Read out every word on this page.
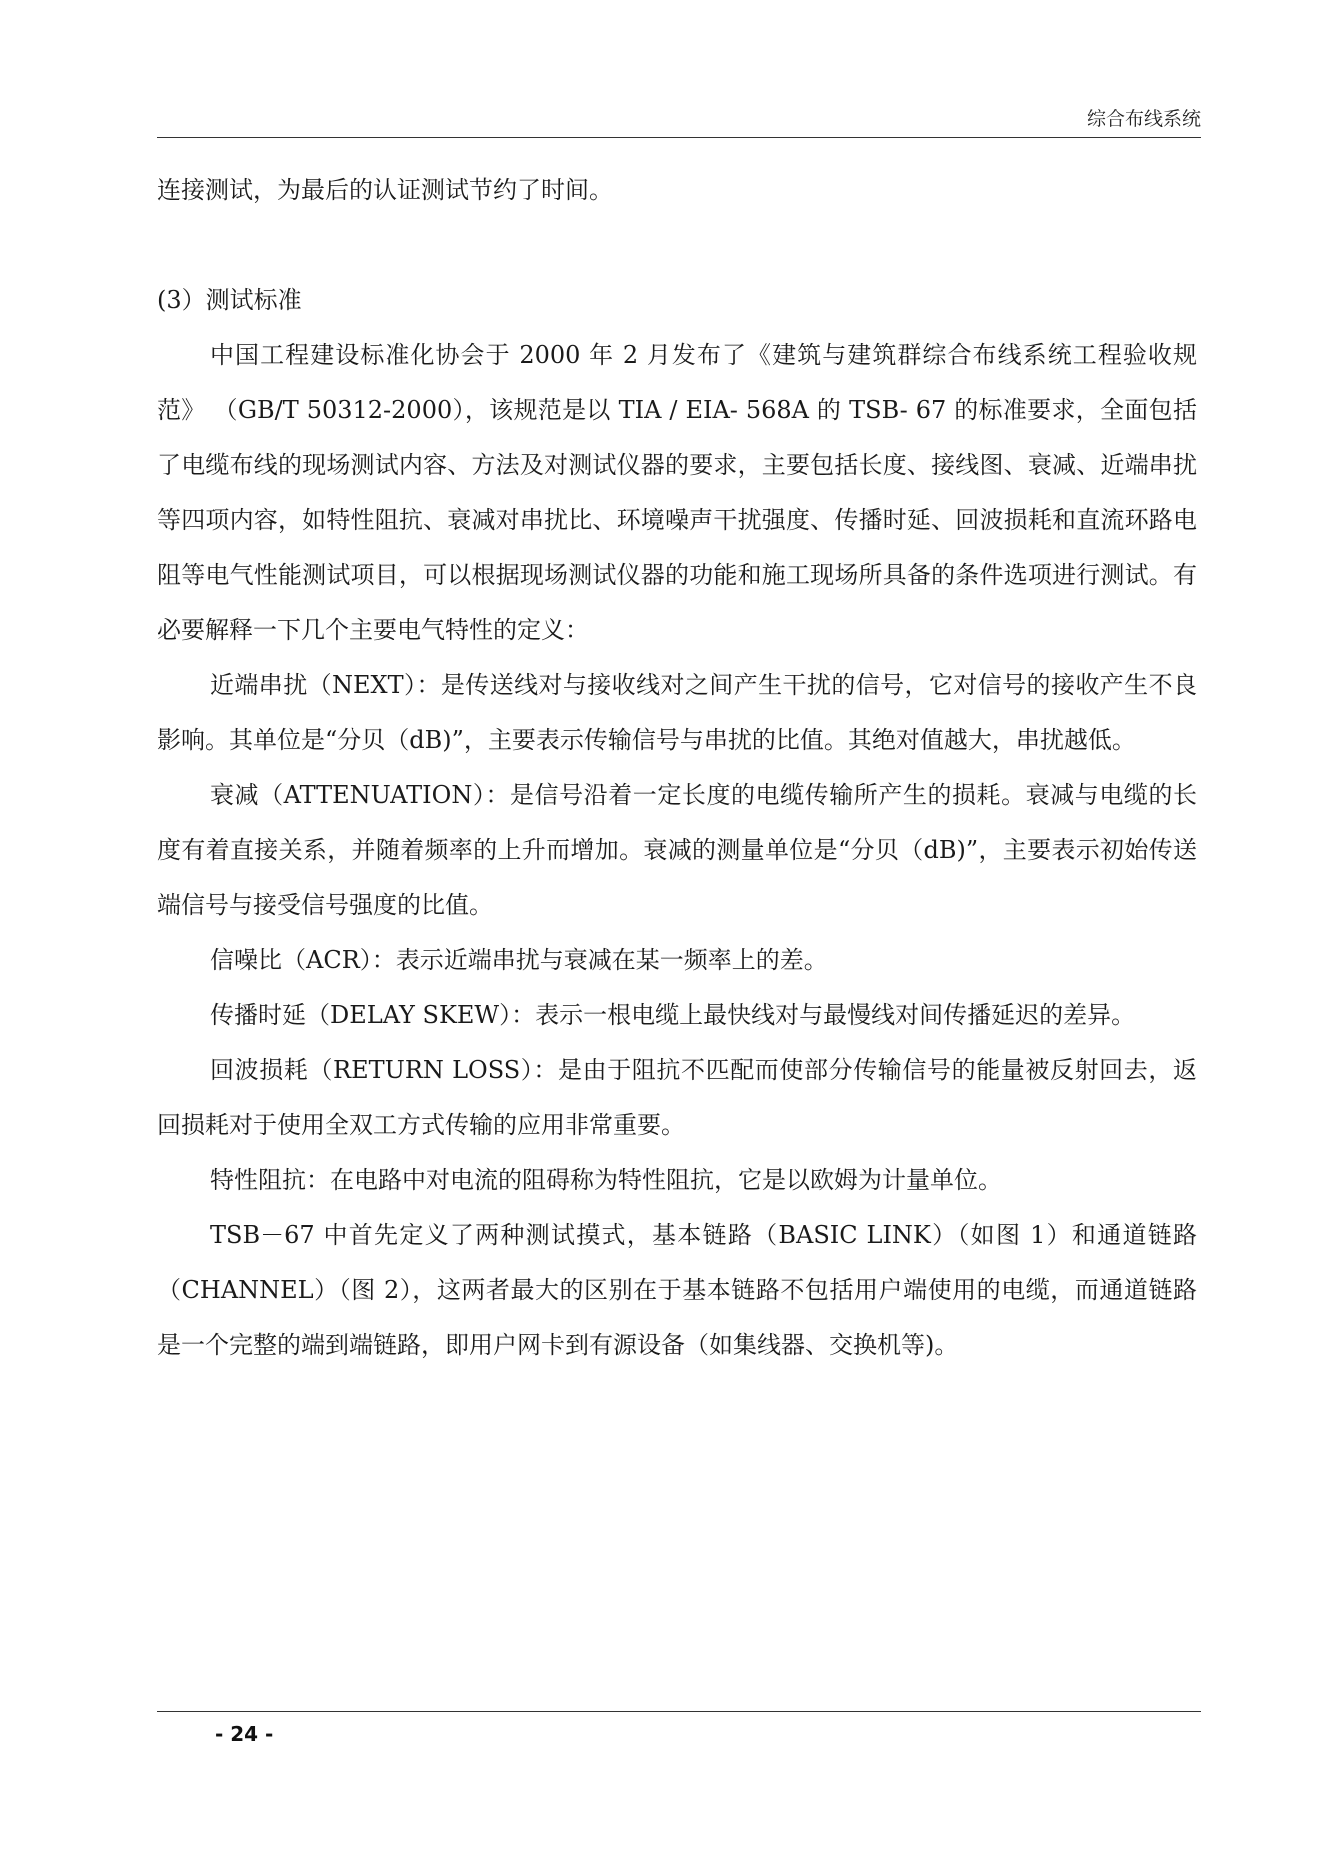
综合布线系统

连接测试，为最后的认证测试节约了时间。

(3）测试标准

中国工程建设标准化协会于 2000 年 2 月发布了《建筑与建筑群综合布线系统工程验收规范》 （GB/T 50312-2000），该规范是以 TIA / EIA- 568A 的 TSB- 67 的标准要求，全面包括了电缆布线的现场测试内容、方法及对测试仪器的要求，主要包括长度、接线图、衰减、近端串扰等四项内容，如特性阻抗、衰减对串扰比、环境噪声干扰强度、传播时延、回波损耗和直流环路电阻等电气性能测试项目，可以根据现场测试仪器的功能和施工现场所具备的条件选项进行测试。有必要解释一下几个主要电气特性的定义：

近端串扰（NEXT）：是传送线对与接收线对之间产生干扰的信号，它对信号的接收产生不良影响。其单位是“分贝（dB)”，主要表示传输信号与串扰的比值。其绝对值越大，串扰越低。

衰减（ATTENUATION）：是信号沿着一定长度的电缆传输所产生的损耗。衰减与电缆的长度有着直接关系，并随着频率的上升而增加。衰减的测量单位是“分贝（dB)”，主要表示初始传送端信号与接受信号强度的比值。

信噪比（ACR）：表示近端串扰与衰减在某一频率上的差。

传播时延（DELAY SKEW）：表示一根电缆上最快线对与最慢线对间传播延迟的差异。

回波损耗（RETURN LOSS）：是由于阻抗不匹配而使部分传输信号的能量被反射回去，返回损耗对于使用全双工方式传输的应用非常重要。

特性阻抗：在电路中对电流的阻碍称为特性阻抗，它是以欧姆为计量单位。

TSB－67 中首先定义了两种测试摸式，基本链路（BASIC LINK）（如图 1）和通道链路（CHANNEL）（图 2），这两者最大的区别在于基本链路不包括用户端使用的电缆，而通道链路是一个完整的端到端链路，即用户网卡到有源设备（如集线器、交换机等)。

- 24 -
